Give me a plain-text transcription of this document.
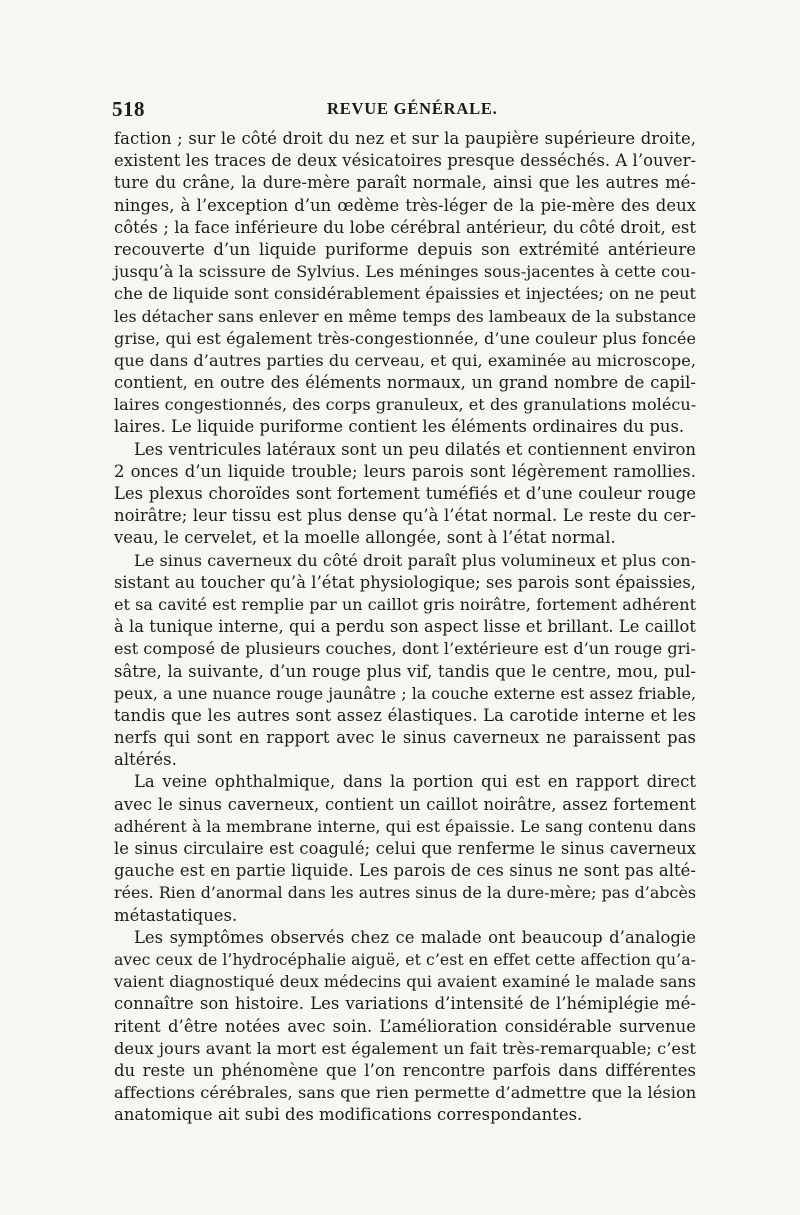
518	REVUE GÉNÉRALE.
faction ; sur le côté droit du nez et sur la paupière supérieure droite,
existent les traces de deux vésicatoires presque desséchés. A l’ouver-
ture du crâne, la dure-mère paraît normale, ainsi que les autres mé-
ninges, à l’exception d’un œdème très-léger de la pie-mère des deux
côtés ; la face inférieure du lobe cérébral antérieur, du côté droit, est
recouverte d’un liquide puriforme depuis son extrémité antérieure
jusqu’à la scissure de Sylvius. Les méninges sous-jacentes à cette cou-
che de liquide sont considérablement épaissies et injectées; on ne peut
les détacher sans enlever en même temps des lambeaux de la substance
grise, qui est également très-congestionnée, d’une couleur plus foncée
que dans d’autres parties du cerveau, et qui, examinée au microscope,
contient, en outre des éléments normaux, un grand nombre de capil-
laires congestionnés, des corps granuleux, et des granulations molécu-
laires. Le liquide puriforme contient les éléments ordinaires du pus.
Les ventricules latéraux sont un peu dilatés et contiennent environ
2 onces d’un liquide trouble; leurs parois sont légèrement ramollies.
Les plexus choroïdes sont fortement tuméfiés et d’une couleur rouge
noirâtre; leur tissu est plus dense qu’à l’état normal. Le reste du cer-
veau, le cervelet, et la moelle allongée, sont à l’état normal.
Le sinus caverneux du côté droit paraît plus volumineux et plus con-
sistant au toucher qu’à l’état physiologique; ses parois sont épaissies,
et sa cavité est remplie par un caillot gris noirâtre, fortement adhérent
à la tunique interne, qui a perdu son aspect lisse et brillant. Le caillot
est composé de plusieurs couches, dont l’extérieure est d’un rouge gri-
sâtre, la suivante, d’un rouge plus vif, tandis que le centre, mou, pul-
peux, a une nuance rouge jaunâtre ; la couche externe est assez friable,
tandis que les autres sont assez élastiques. La carotide interne et les
nerfs qui sont en rapport avec le sinus caverneux ne paraissent pas
altérés.
La veine ophthalmique, dans la portion qui est en rapport direct
avec le sinus caverneux, contient un caillot noirâtre, assez fortement
adhérent à la membrane interne, qui est épaissie. Le sang contenu dans
le sinus circulaire est coagulé; celui que renferme le sinus caverneux
gauche est en partie liquide. Les parois de ces sinus ne sont pas alté-
rées. Rien d’anormal dans les autres sinus de la dure-mère; pas d’abcès
métastatiques.
Les symptômes observés chez ce malade ont beaucoup d’analogie
avec ceux de l’hydrocéphalie aiguë, et c’est en effet cette affection qu’a-
vaient diagnostiqué deux médecins qui avaient examiné le malade sans
connaître son histoire. Les variations d’intensité de l’hémiplégie mé-
ritent d’être notées avec soin. L’amélioration considérable survenue
deux jours avant la mort est également un fait très-remarquable; c’est
du reste un phénomène que l’on rencontre parfois dans différentes
affections cérébrales, sans que rien permette d’admettre que la lésion
anatomique ait subi des modifications correspondantes.
